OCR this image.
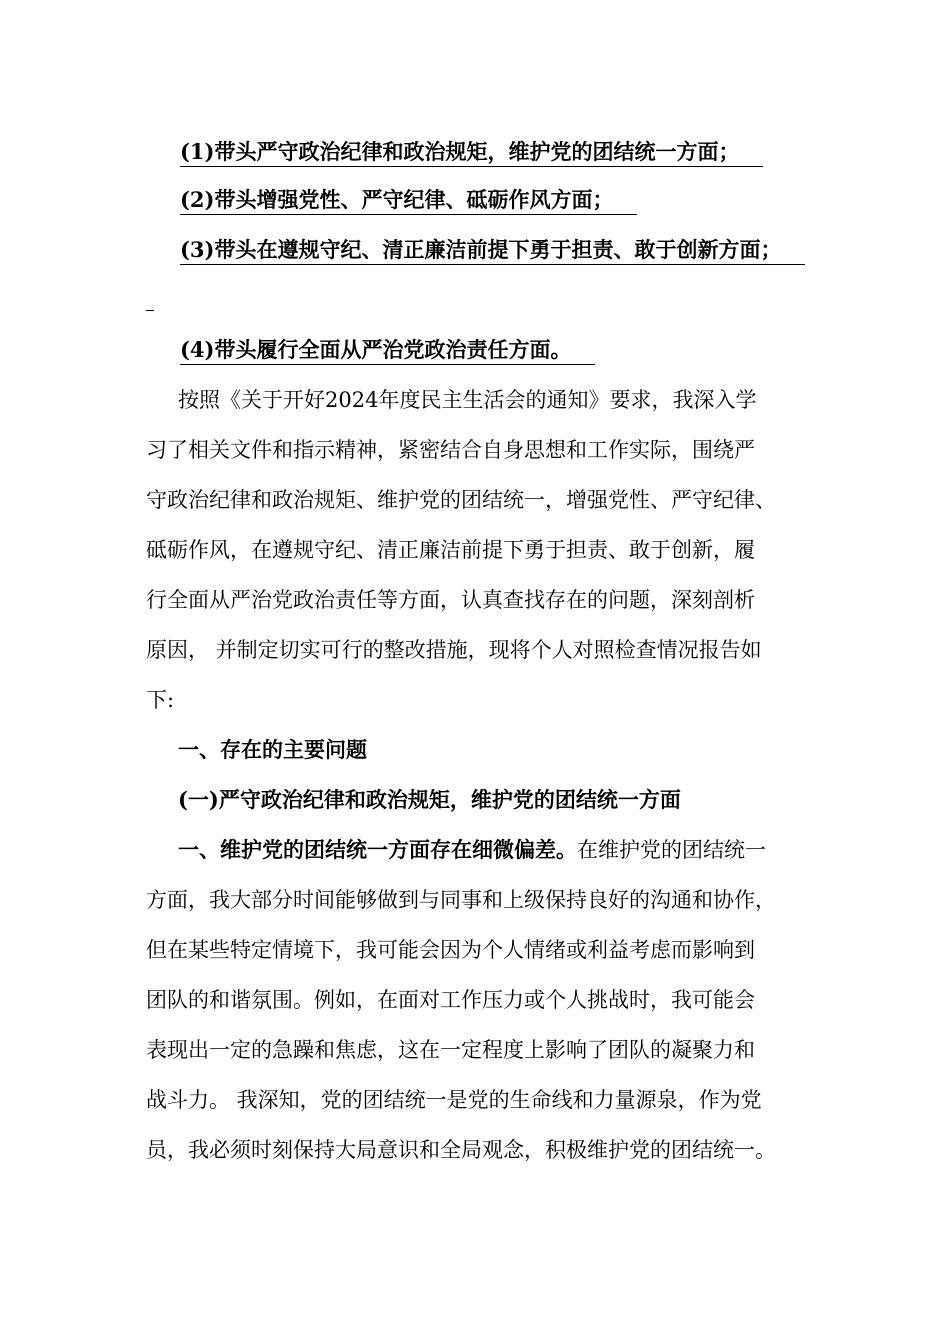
(1)带头严守政治纪律和政治规矩，维护党的团结统一方面；
(2)带头增强党性、严守纪律、砥砺作风方面；
(3)带头在遵规守纪、清正廉洁前提下勇于担责、敢于创新方面；
(4)带头履行全面从严治党政治责任方面。
按照《关于开好2024年度民主生活会的通知》要求，我深入学
习了相关文件和指示精神，紧密结合自身思想和工作实际，围绕严
守政治纪律和政治规矩、维护党的团结统一，增强党性、严守纪律、
砥砺作风，在遵规守纪、清正廉洁前提下勇于担责、敢于创新，履
行全面从严治党政治责任等方面，认真查找存在的问题，深刻剖析
原因， 并制定切实可行的整改措施，现将个人对照检查情况报告如
下:
一、存在的主要问题
(一)严守政治纪律和政治规矩，维护党的团结统一方面
一、维护党的团结统一方面存在细微偏差。在维护党的团结统一
方面，我大部分时间能够做到与同事和上级保持良好的沟通和协作，
但在某些特定情境下，我可能会因为个人情绪或利益考虑而影响到
团队的和谐氛围。例如，在面对工作压力或个人挑战时，我可能会
表现出一定的急躁和焦虑，这在一定程度上影响了团队的凝聚力和
战斗力。 我深知，党的团结统一是党的生命线和力量源泉，作为党
员，我必须时刻保持大局意识和全局观念，积极维护党的团结统一。
